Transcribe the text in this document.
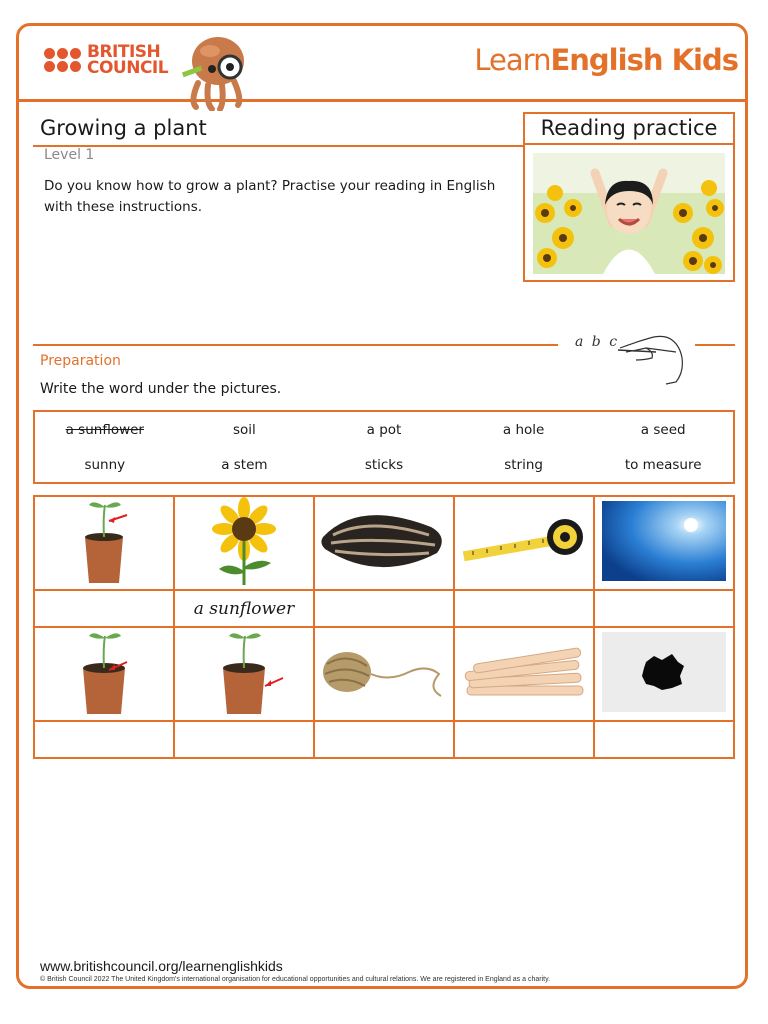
BRITISH
COUNCIL	LearnEnglish Kids
Growing a plant	Reading practice
Level 1
Do you know how to grow a plant? Practise your reading in English with these instructions.
a b c
Preparation
Write the word under the pictures.
a sunflower	soil	a pot	a hole	a seed
sunny	a stem	sticks	string	to measure

	a sunflower			

www.britishcouncil.org/learnenglishkids
© British Council 2022 The United Kingdom's international organisation for educational opportunities and cultural relations. We are registered in England as a charity.
